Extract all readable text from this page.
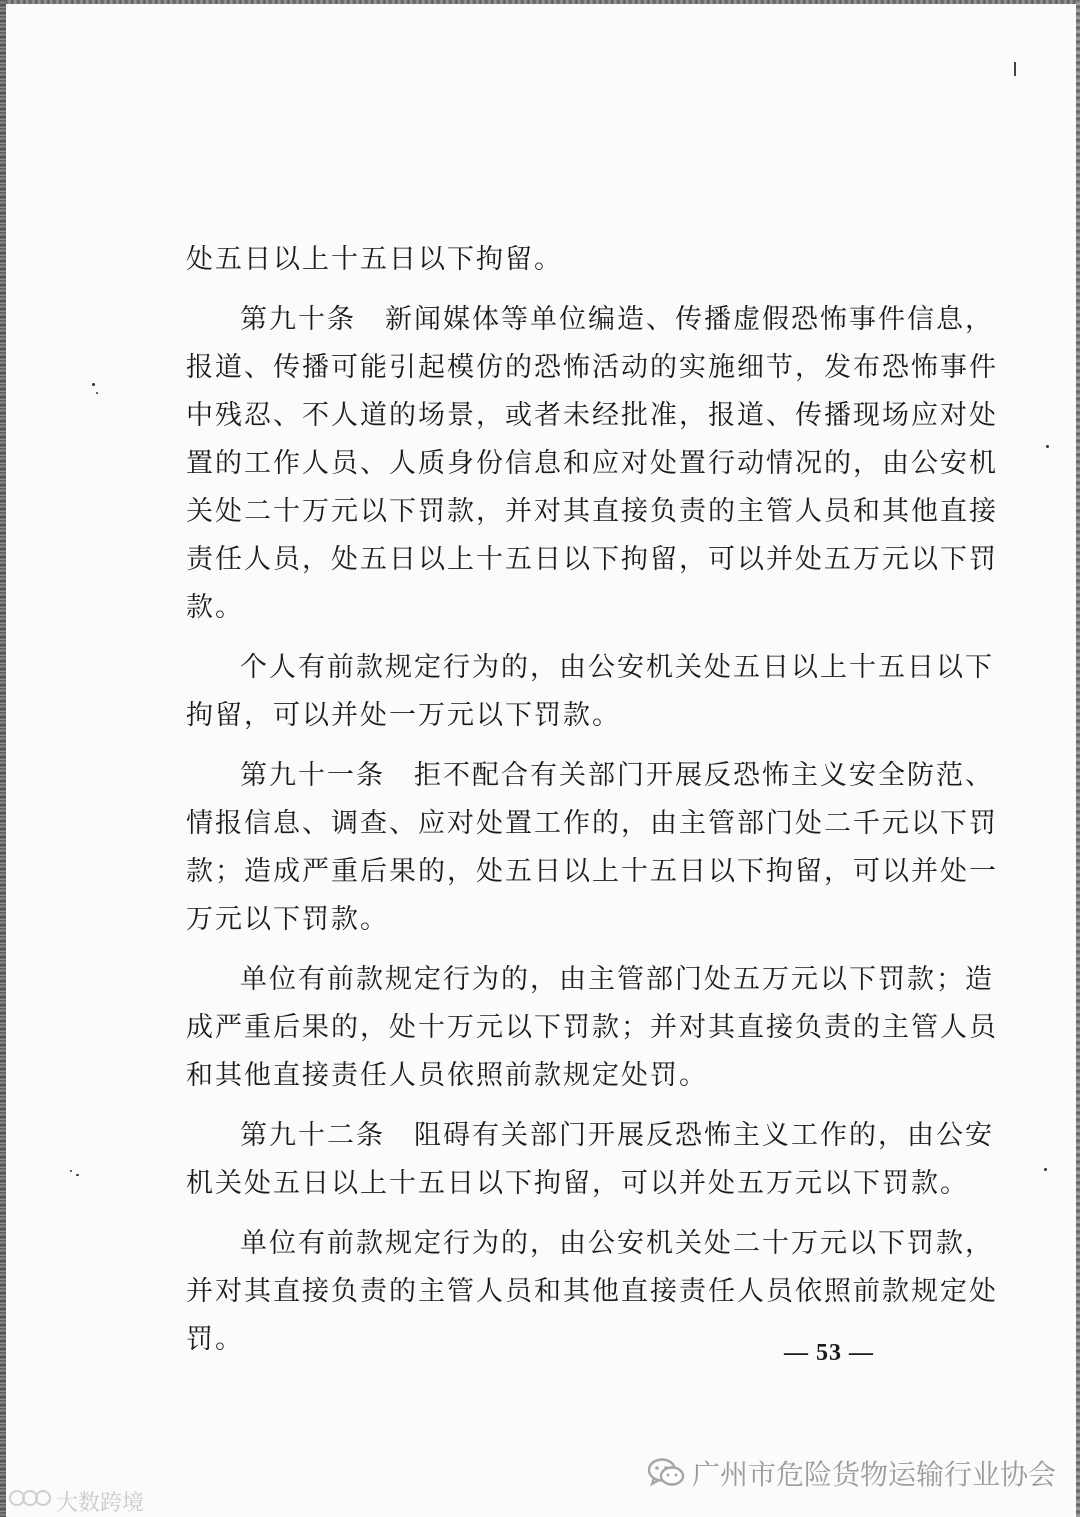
处五日以上十五日以下拘留。
第九十条　新闻媒体等单位编造、传播虚假恐怖事件信息，
报道、传播可能引起模仿的恐怖活动的实施细节，发布恐怖事件
中残忍、不人道的场景，或者未经批准，报道、传播现场应对处
置的工作人员、人质身份信息和应对处置行动情况的，由公安机
关处二十万元以下罚款，并对其直接负责的主管人员和其他直接
责任人员，处五日以上十五日以下拘留，可以并处五万元以下罚
款。
个人有前款规定行为的，由公安机关处五日以上十五日以下
拘留，可以并处一万元以下罚款。
第九十一条　拒不配合有关部门开展反恐怖主义安全防范、
情报信息、调查、应对处置工作的，由主管部门处二千元以下罚
款；造成严重后果的，处五日以上十五日以下拘留，可以并处一
万元以下罚款。
单位有前款规定行为的，由主管部门处五万元以下罚款；造
成严重后果的，处十万元以下罚款；并对其直接负责的主管人员
和其他直接责任人员依照前款规定处罚。
第九十二条　阻碍有关部门开展反恐怖主义工作的，由公安
机关处五日以上十五日以下拘留，可以并处五万元以下罚款。
单位有前款规定行为的，由公安机关处二十万元以下罚款，
并对其直接负责的主管人员和其他直接责任人员依照前款规定处
罚。	— 53 —
广州市危险货物运输行业协会
大数跨境
